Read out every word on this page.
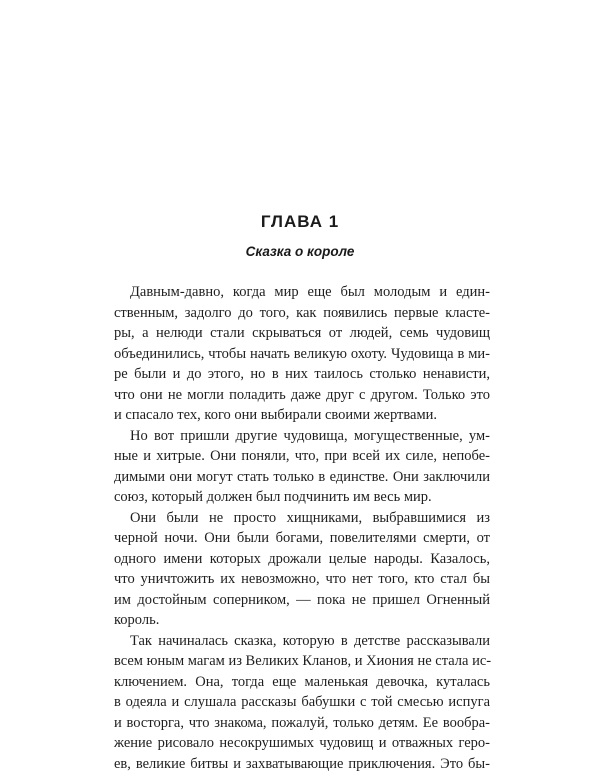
ГЛАВА 1
Сказка о короле
Давным-давно, когда мир еще был молодым и един-
ственным, задолго до того, как появились первые класте-
ры, а нелюди стали скрываться от людей, семь чудовищ
объединились, чтобы начать великую охоту. Чудовища в ми-
ре были и до этого, но в них таилось столько ненависти,
что они не могли поладить даже друг с другом. Только это
и спасало тех, кого они выбирали своими жертвами.
Но вот пришли другие чудовища, могущественные, ум-
ные и хитрые. Они поняли, что, при всей их силе, непобе-
димыми они могут стать только в единстве. Они заключили
союз, который должен был подчинить им весь мир.
Они были не просто хищниками, выбравшимися из
черной ночи. Они были богами, повелителями смерти, от
одного имени которых дрожали целые народы. Казалось,
что уничтожить их невозможно, что нет того, кто стал бы
им достойным соперником, — пока не пришел Огненный
король.
Так начиналась сказка, которую в детстве рассказывали
всем юным магам из Великих Кланов, и Хиония не стала ис-
ключением. Она, тогда еще маленькая девочка, куталась
в одеяла и слушала рассказы бабушки с той смесью испуга
и восторга, что знакома, пожалуй, только детям. Ее вообра-
жение рисовало несокрушимых чудовищ и отважных геро-
ев, великие битвы и захватывающие приключения. Это бы-
